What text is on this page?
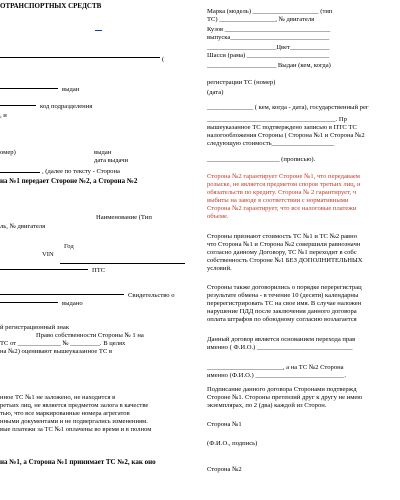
ОТРАНСПОРТНЫХ СРЕДСТВ
(
выдан
код подразделения
, и
омер)	выдан
дата выдачи
, (далее по тексту - Сторона
на №1 передает Стороне №2, а Сторона №2
Наименование (Тип
ль, № двигателя
Год
VIN
ПТС
Свидетельство о
выдано
й регистрационный знак
Право собственности Стороны № 1 на
ТС от _____________ № _________. В целях
на №2) оценивают вышеуказанное ТС в
нное ТС №1 не заложено, не находится в
ретьих лиц, не является предметом залога в качестве
тью, что все маркированные номера агрегатов
нными документами и не подвергались изменениям.
вые платежи за ТС №1 оплачены во время и в полном
на №1, а Сторона №1 принимает ТС №2, как оно
Марка (модель) ____________________ (тип
ТС) _________________, № двигателя
Кузов ________________________________
выпуска______________________________
_____________________Цвет____________
Шасси (рама) _________________________
_____________________ Выдан (кем, когда)
регистрации ТС (номер)
(дата)
______________ ( кем, когда - дата), государственный рег
_______________________________________. Пр
вышеуказанное ТС подтверждено записью в ПТС ТС
налогообложения Стороны ( Сторона №1 и Сторона №2
следующую стоимость___________________
______________________ (прописью).
Сторона №2 гарантирует Стороне №1, что передаваем
розыске, не является предметом споров третьих лиц, н
обязательств по кредиту. Сторона № 2 гарантирует, ч
выбиты на заводе в соответствии с нормативными
Сторона №2 гарантирует, что все налоговые платежи
объеме.
Стороны признают стоимость ТС №1 и ТС №2 равно
что Сторона №1 и Сторона №2 совершили равнозначн
согласно данному Договору, ТС №1 переходит в собс
собственность Стороне №1 БЕЗ ДОПОЛНИТЕЛЬНЫХ
условий.
Стороны также договорились о порядке перерегистрац
результате обмена - в течение 10 (десяти) календарны
перерегистрировать ТС на свое имя. В случае наложен
нарушение ПДД после заключения данного договора
оплата штрафов по обоюдному согласию возлагается
Данный договор является основанием перехода прав
именно ( Ф.И.О.) _____________________________
_______________________, а на ТС №2 Сторона
именно (Ф.И.О.) ___________________________.
Подписание данного договора Сторонами подтвержд
Стороне №1. Стороны претензий друг к другу не имею
экземплярах, по 2 (два) каждой из Сторон.
Сторона №1
(Ф.И.О., подпись)
Сторона №2
